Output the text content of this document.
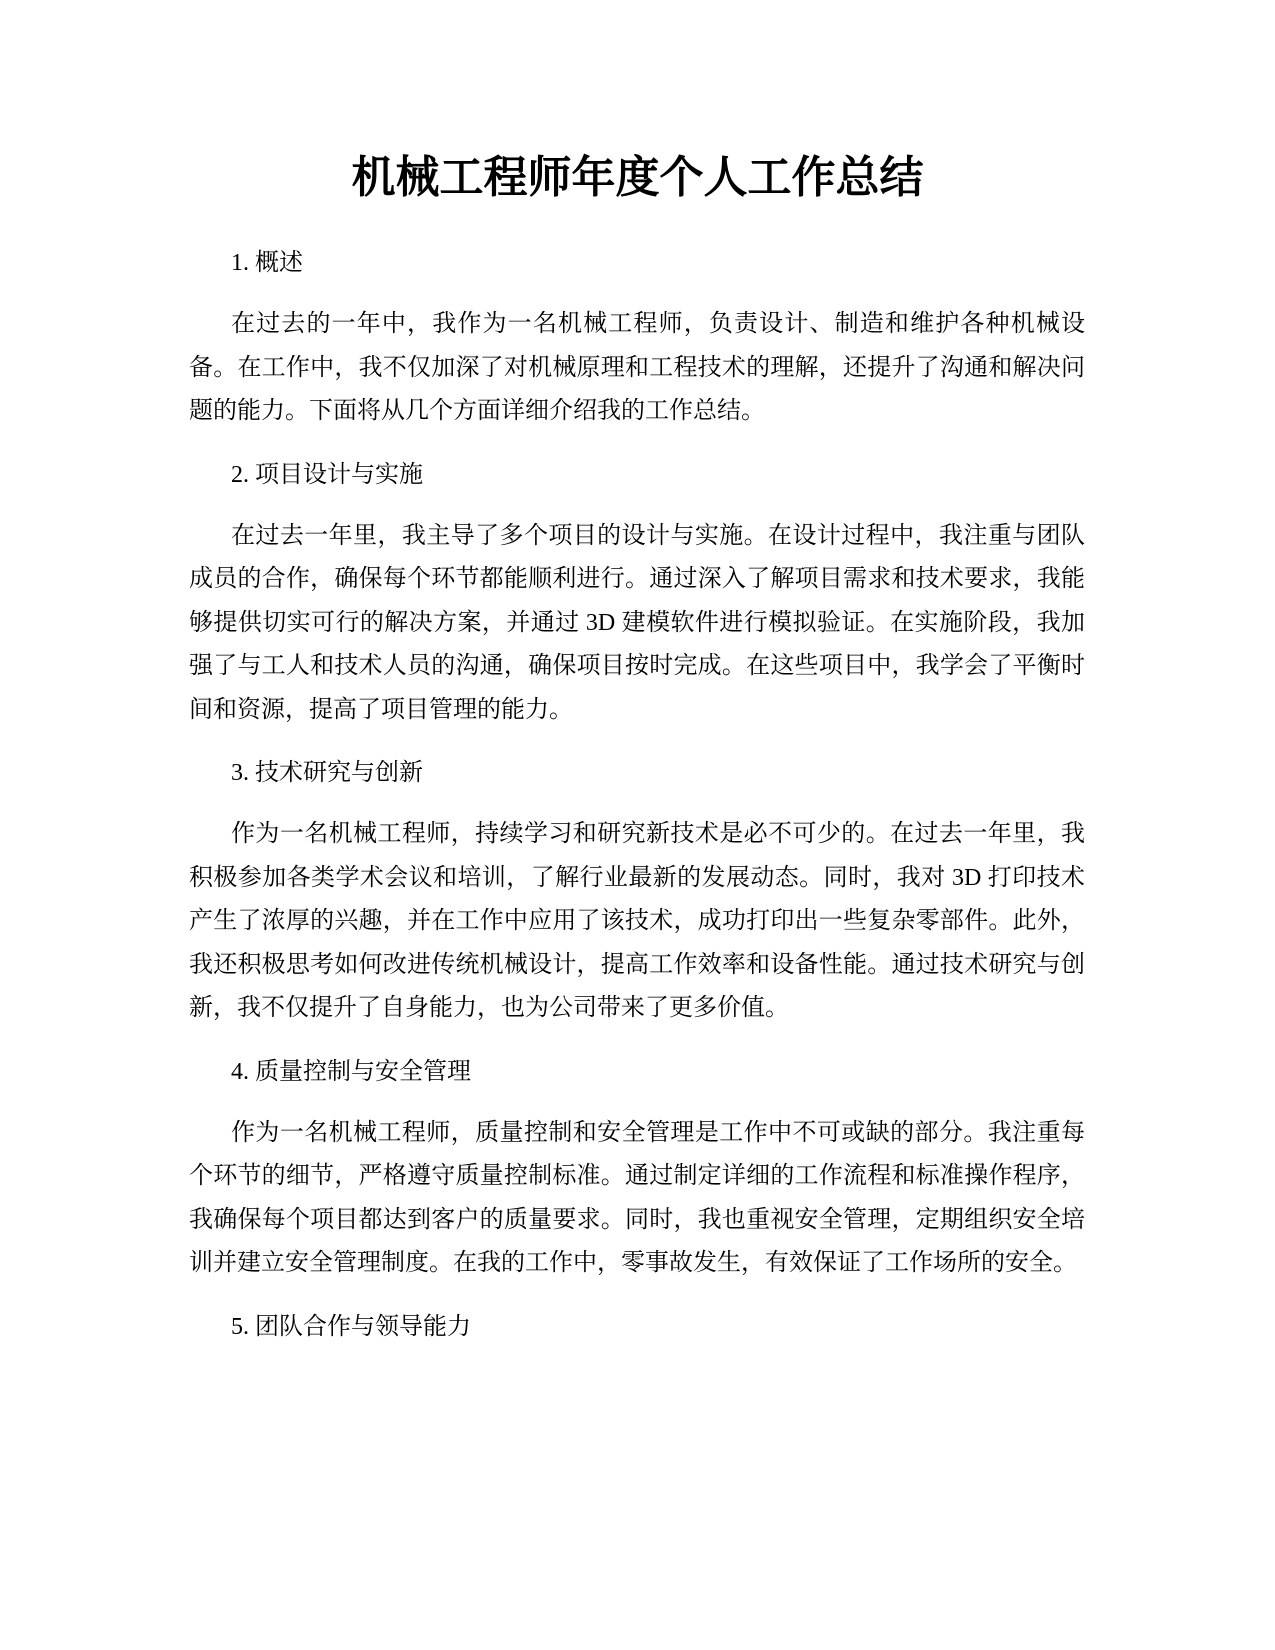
机械工程师年度个人工作总结

1. 概述

在过去的一年中，我作为一名机械工程师，负责设计、制造和维护各种机械设备。在工作中，我不仅加深了对机械原理和工程技术的理解，还提升了沟通和解决问题的能力。下面将从几个方面详细介绍我的工作总结。

2. 项目设计与实施

在过去一年里，我主导了多个项目的设计与实施。在设计过程中，我注重与团队成员的合作，确保每个环节都能顺利进行。通过深入了解项目需求和技术要求，我能够提供切实可行的解决方案，并通过 3D 建模软件进行模拟验证。在实施阶段，我加强了与工人和技术人员的沟通，确保项目按时完成。在这些项目中，我学会了平衡时间和资源，提高了项目管理的能力。

3. 技术研究与创新

作为一名机械工程师，持续学习和研究新技术是必不可少的。在过去一年里，我积极参加各类学术会议和培训，了解行业最新的发展动态。同时，我对 3D 打印技术产生了浓厚的兴趣，并在工作中应用了该技术，成功打印出一些复杂零部件。此外，我还积极思考如何改进传统机械设计，提高工作效率和设备性能。通过技术研究与创新，我不仅提升了自身能力，也为公司带来了更多价值。

4. 质量控制与安全管理

作为一名机械工程师，质量控制和安全管理是工作中不可或缺的部分。我注重每个环节的细节，严格遵守质量控制标准。通过制定详细的工作流程和标准操作程序，我确保每个项目都达到客户的质量要求。同时，我也重视安全管理，定期组织安全培训并建立安全管理制度。在我的工作中，零事故发生，有效保证了工作场所的安全。

5. 团队合作与领导能力
